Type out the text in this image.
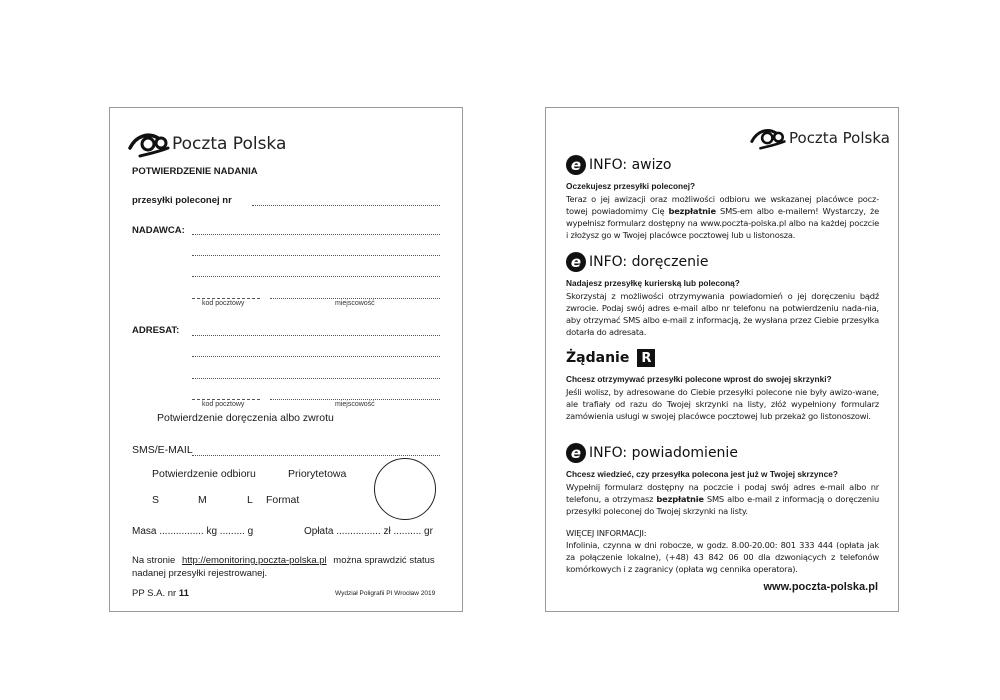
Poczta Polska
POTWIERDZENIE NADANIA
przesyłki poleconej nr
NADAWCA:
kod pocztowy	miejscowość
ADRESAT:
kod pocztowy	miejscowość
Potwierdzenie doręczenia albo zwrotu
SMS/E-MAIL
Potwierdzenie odbioru	Priorytetowa
S	M	L Format
Masa ................ kg ......... g	Opłata ................ zł .......... gr
Na stronie http://emonitoring.poczta-polska.pl można sprawdzić status
nadanej przesyłki rejestrowanej.
PP S.A. nr 11	Wydział Poligrafii PI Wrocław 2019
Poczta Polska
e INFO: awizo
Oczekujesz przesyłki poleconej?
Teraz o jej awizacji oraz możliwości odbioru we wskazanej placówce pocz-towej powiadomimy Cię bezpłatnie SMS-em albo e-mailem! Wystarczy, że wypełnisz formularz dostępny na www.poczta-polska.pl albo na każdej poczcie i złożysz go w Twojej placówce pocztowej lub u listonosza.
e INFO: doręczenie
Nadajesz przesyłkę kurierską lub poleconą?
Skorzystaj z możliwości otrzymywania powiadomień o jej doręczeniu bądź zwrocie. Podaj swój adres e-mail albo nr telefonu na potwierdzeniu nada-nia, aby otrzymać SMS albo e-mail z informacją, że wysłana przez Ciebie przesyłka dotarła do adresata.
Żądanie R
Chcesz otrzymywać przesyłki polecone wprost do swojej skrzynki?
Jeśli wolisz, by adresowane do Ciebie przesyłki polecone nie były awizo-wane, ale trafiały od razu do Twojej skrzynki na listy, złóż wypełniony formularz zamówienia usługi w swojej placówce pocztowej lub przekaż go listonoszowi.
e INFO: powiadomienie
Chcesz wiedzieć, czy przesyłka polecona jest już w Twojej skrzynce?
Wypełnij formularz dostępny na poczcie i podaj swój adres e-mail albo nr telefonu, a otrzymasz bezpłatnie SMS albo e-mail z informacją o doręczeniu przesyłki poleconej do Twojej skrzynki na listy.
WIĘCEJ INFORMACJI:
Infolinia, czynna w dni robocze, w godz. 8.00-20.00: 801 333 444 (opłata jak za połączenie lokalne), (+48) 43 842 06 00 dla dzwoniących z telefonów komórkowych i z zagranicy (opłata wg cennika operatora).
www.poczta-polska.pl
